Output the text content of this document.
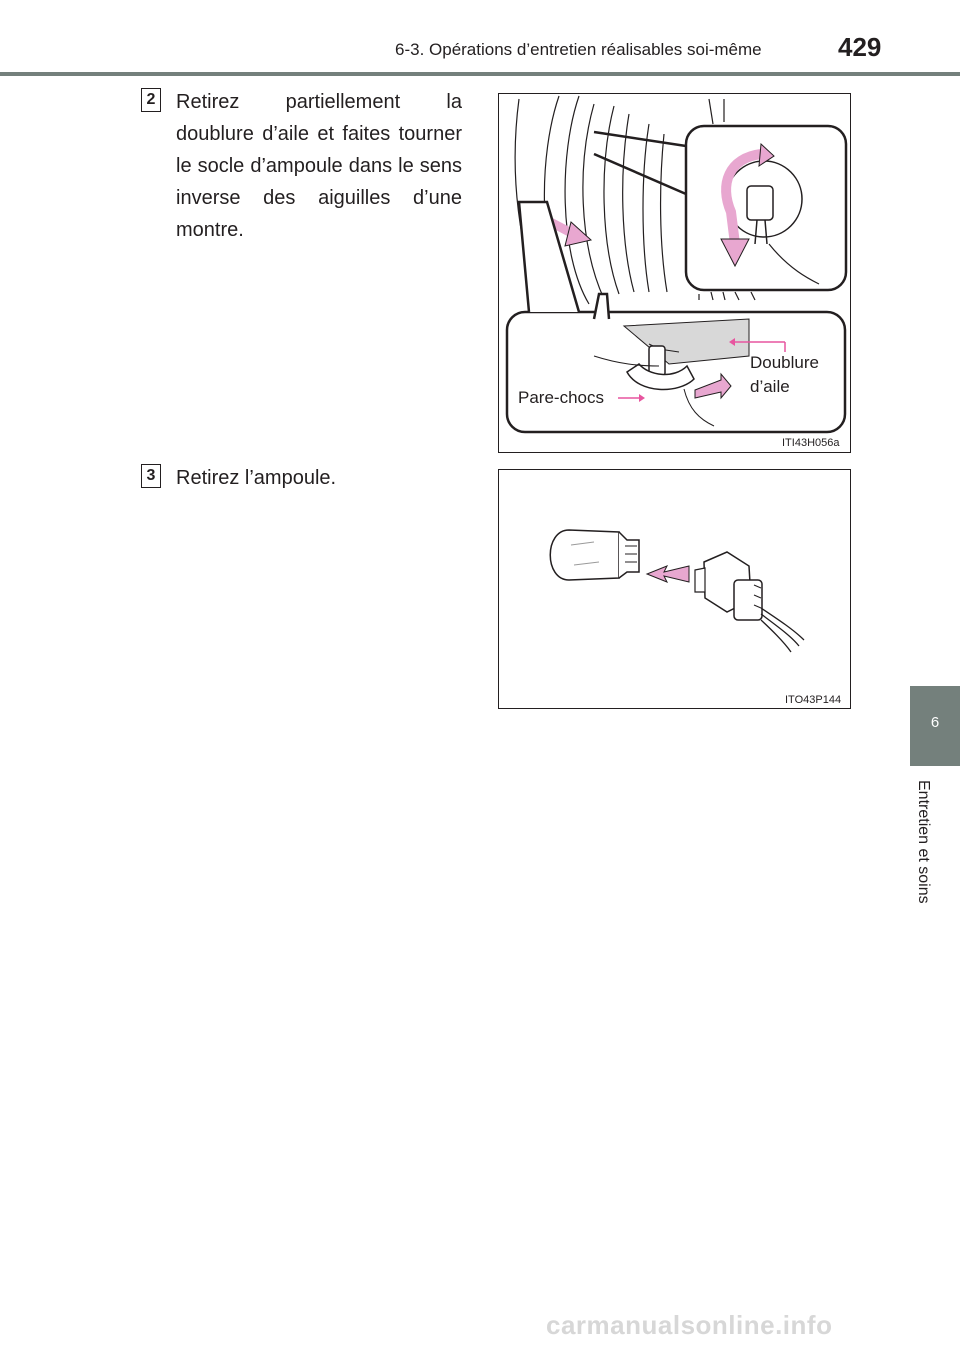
6-3. Opérations d’entretien réalisables soi-même	429
6
Entretien et soins
2 Retirez partiellement la doublure d’aile et faites tourner le socle d’ampoule dans le sens inverse des aiguilles d’une montre.
Doublure
d’aile
Pare-chocs
ITI43H056a
3 Retirez l’ampoule.
ITO43P144
carmanualsonline.info
